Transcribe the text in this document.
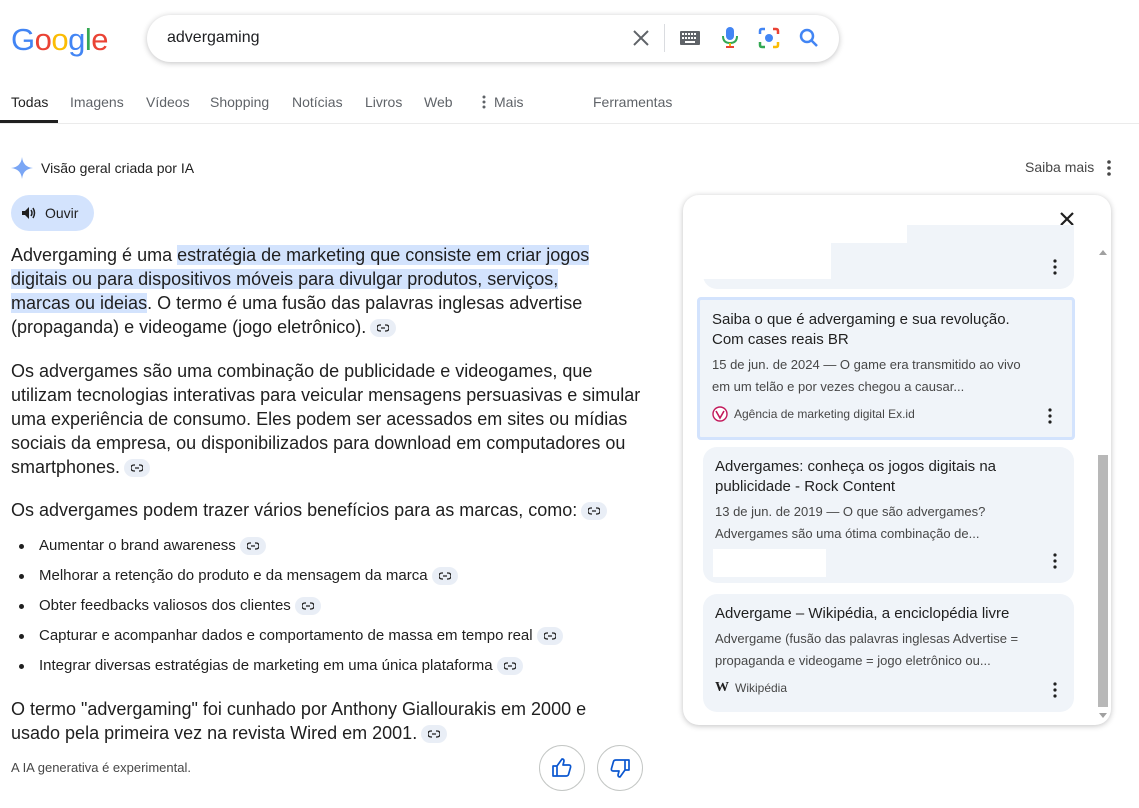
Google
advergaming
Todas Imagens Vídeos Shopping Notícias Livros Web	Mais	Ferramentas
Visão geral criada por IA	Saiba mais
Ouvir
Advergaming é uma estratégia de marketing que consiste em criar jogos
digitais ou para dispositivos móveis para divulgar produtos, serviços,
marcas ou ideias. O termo é uma fusão das palavras inglesas advertise
(propaganda) e videogame (jogo eletrônico).
Os advergames são uma combinação de publicidade e videogames, que
utilizam tecnologias interativas para veicular mensagens persuasivas e simular
uma experiência de consumo. Eles podem ser acessados em sites ou mídias
sociais da empresa, ou disponibilizados para download em computadores ou
smartphones.
Os advergames podem trazer vários benefícios para as marcas, como:
Aumentar o brand awareness
Melhorar a retenção do produto e da mensagem da marca
Obter feedbacks valiosos dos clientes
Capturar e acompanhar dados e comportamento de massa em tempo real
Integrar diversas estratégias de marketing em uma única plataforma
O termo "advergaming" foi cunhado por Anthony Giallourakis em 2000 e
usado pela primeira vez na revista Wired em 2001.
A IA generativa é experimental.
Saiba o que é advergaming e sua revolução.
Com cases reais BR
15 de jun. de 2024 — O game era transmitido ao vivo
em um telão e por vezes chegou a causar...
Agência de marketing digital Ex.id
Advergames: conheça os jogos digitais na
publicidade - Rock Content
13 de jun. de 2019 — O que são advergames?
Advergames são uma ótima combinação de...
Advergame – Wikipédia, a enciclopédia livre
Advergame (fusão das palavras inglesas Advertise =
propaganda e videogame = jogo eletrônico ou...
W Wikipédia
